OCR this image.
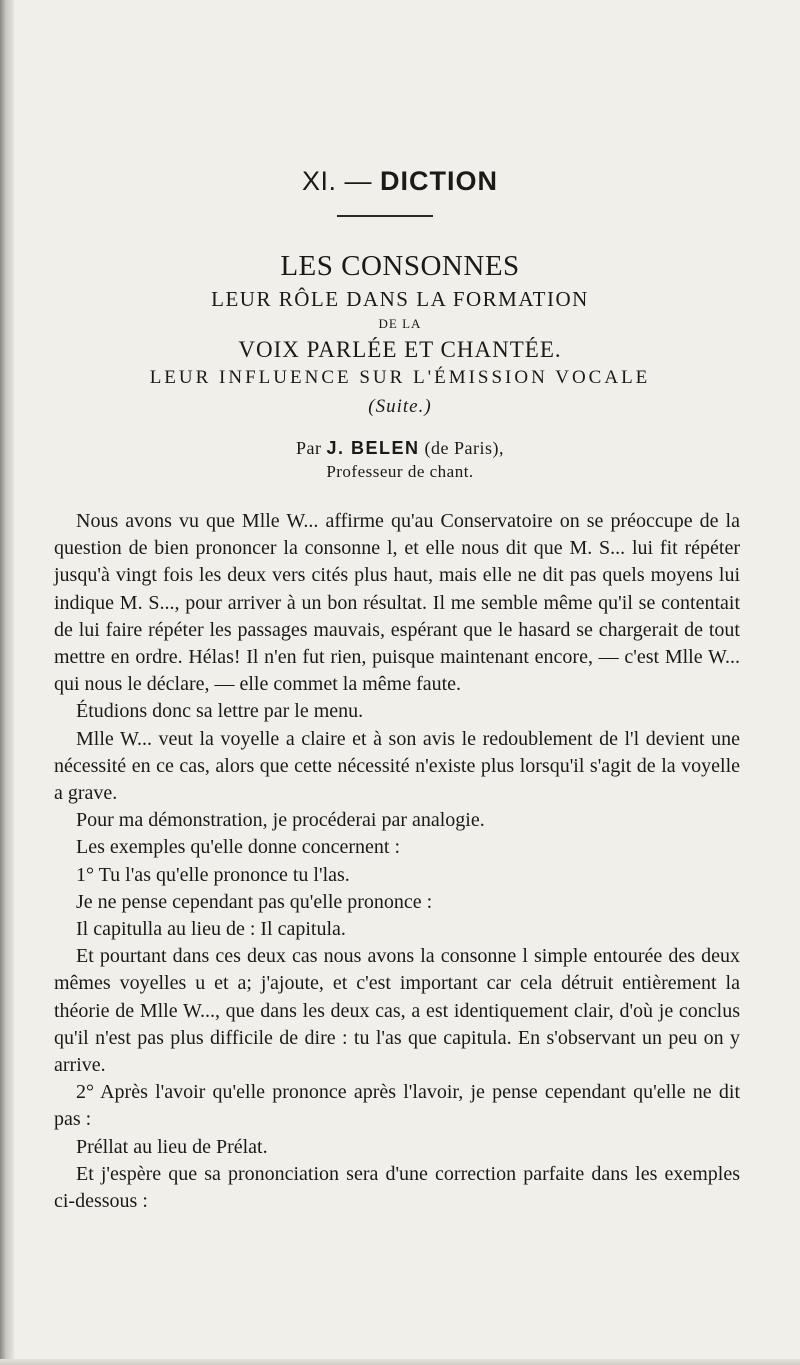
XI. — DICTION
LES CONSONNES
LEUR RÔLE DANS LA FORMATION
DE LA
VOIX PARLÉE ET CHANTÉE.
LEUR INFLUENCE SUR L'ÉMISSION VOCALE
(Suite.)
Par J. BELEN (de Paris),
Professeur de chant.

Nous avons vu que Mlle W... affirme qu'au Conservatoire on se préoccupe de la question de bien prononcer la consonne l, et elle nous dit que M. S... lui fit répéter jusqu'à vingt fois les deux vers cités plus haut, mais elle ne dit pas quels moyens lui indique M. S..., pour arriver à un bon résultat. Il me semble même qu'il se contentait de lui faire répéter les passages mauvais, espérant que le hasard se chargerait de tout mettre en ordre. Hélas! Il n'en fut rien, puisque maintenant encore, — c'est Mlle W... qui nous le déclare, — elle commet la même faute.

Étudions donc sa lettre par le menu.

Mlle W... veut la voyelle a claire et à son avis le redoublement de l'l devient une nécessité en ce cas, alors que cette nécessité n'existe plus lorsqu'il s'agit de la voyelle a grave.

Pour ma démonstration, je procéderai par analogie.

Les exemples qu'elle donne concernent :

1° Tu l'as qu'elle prononce tu l'las.

Je ne pense cependant pas qu'elle prononce :

Il capitulla au lieu de : Il capitula.

Et pourtant dans ces deux cas nous avons la consonne l simple entourée des deux mêmes voyelles u et a; j'ajoute, et c'est important car cela détruit entièrement la théorie de Mlle W..., que dans les deux cas, a est identiquement clair, d'où je conclus qu'il n'est pas plus difficile de dire : tu l'as que capitula. En s'observant un peu on y arrive.

2° Après l'avoir qu'elle prononce après l'lavoir, je pense cependant qu'elle ne dit pas :

Préllat au lieu de Prélat.

Et j'espère que sa prononciation sera d'une correction parfaite dans les exemples ci-dessous :
